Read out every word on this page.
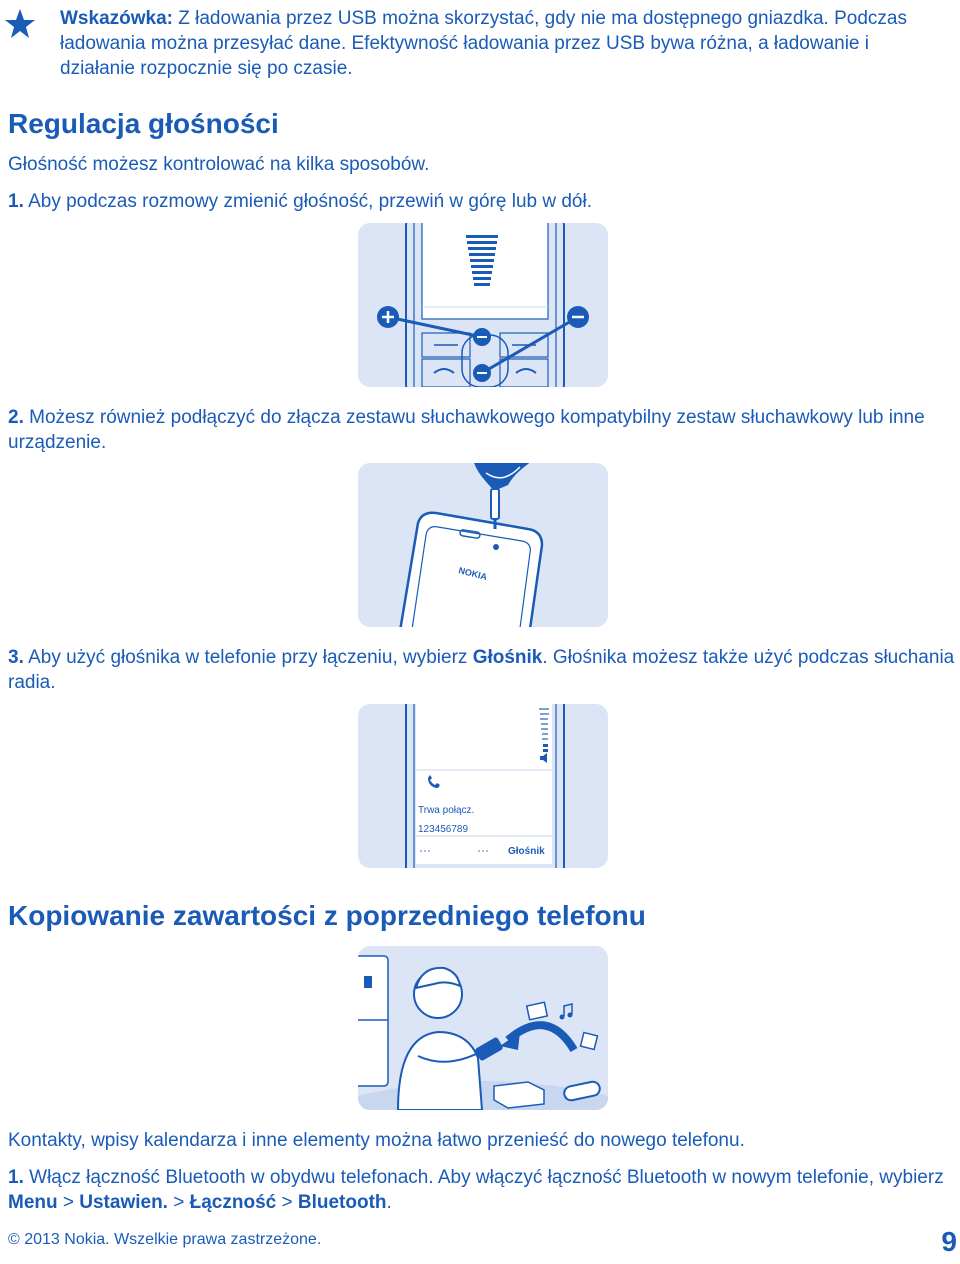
Wskazówka: Z ładowania przez USB można skorzystać, gdy nie ma dostępnego gniazdka. Podczas ładowania można przesyłać dane. Efektywność ładowania przez USB bywa różna, a ładowanie i działanie rozpocznie się po czasie.
Regulacja głośności
Głośność możesz kontrolować na kilka sposobów.
1. Aby podczas rozmowy zmienić głośność, przewiń w górę lub w dół.
2. Możesz również podłączyć do złącza zestawu słuchawkowego kompatybilny zestaw słuchawkowy lub inne urządzenie.
NOKIA
3. Aby użyć głośnika w telefonie przy łączeniu, wybierz Głośnik. Głośnika możesz także użyć podczas słuchania radia.
Trwa połącz.
123456789
Głośnik
Kopiowanie zawartości z poprzedniego telefonu
Kontakty, wpisy kalendarza i inne elementy można łatwo przenieść do nowego telefonu.
1. Włącz łączność Bluetooth w obydwu telefonach. Aby włączyć łączność Bluetooth w nowym telefonie, wybierz Menu > Ustawien. > Łączność > Bluetooth.
© 2013 Nokia. Wszelkie prawa zastrzeżone.	9
